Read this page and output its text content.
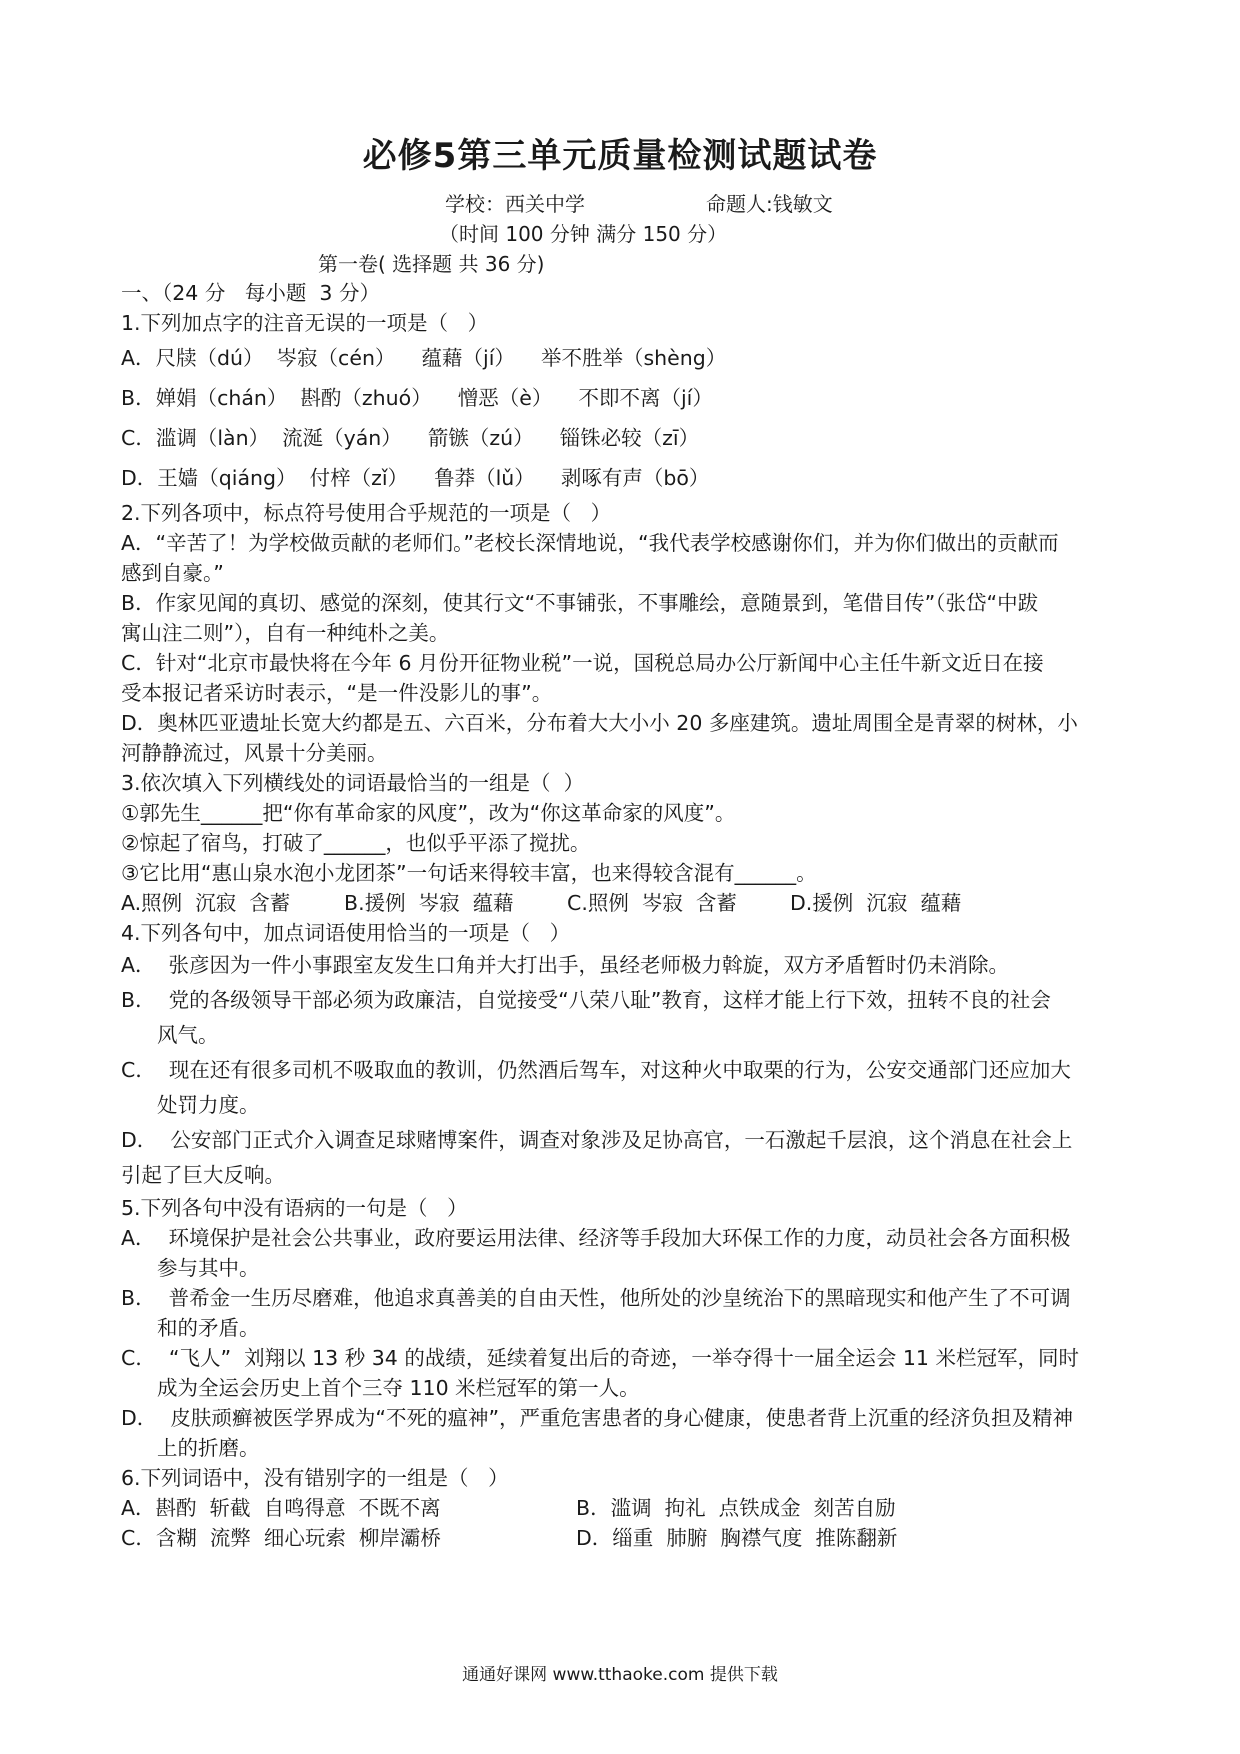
必修5第三单元质量检测试题试卷
学校：西关中学	命题人:钱敏文
（时间 100 分钟 满分 150 分）
第一卷( 选择题 共 36 分)
一、（24 分   每小题  3 分）
1.下列加点字的注音无误的一项是（   ）
A．尺牍（dú）  岑寂（cén）    蕴藉（jí）    举不胜举（shèng）
B．婵娟（chán）  斟酌（zhuó）    憎恶（è）    不即不离（jí）
C．滥调（làn）  流涎（yán）    箭镞（zú）    锱铢必较（zī）
D．王嫱（qiáng）  付梓（zǐ）    鲁莽（lǔ）    剥啄有声（bō）
2.下列各项中，标点符号使用合乎规范的一项是（   ）
A．“辛苦了！为学校做贡献的老师们。”老校长深情地说，“我代表学校感谢你们，并为你们做出的贡献而
感到自豪。”
B．作家见闻的真切、感觉的深刻，使其行文“不事铺张，不事雕绘，意随景到，笔借目传”（张岱“中跋
寓山注二则”），自有一种纯朴之美。
C．针对“北京市最快将在今年 6 月份开征物业税”一说，国税总局办公厅新闻中心主任牛新文近日在接
受本报记者采访时表示，“是一件没影儿的事”。
D．奥林匹亚遗址长宽大约都是五、六百米，分布着大大小小 20 多座建筑。遗址周围全是青翠的树林，小
河静静流过，风景十分美丽。
3.依次填入下列横线处的词语最恰当的一组是（  ）
①郭先生______把“你有革命家的风度”，改为“你这革命家的风度”。
②惊起了宿鸟，打破了______，也似乎平添了搅扰。
③它比用“惠山泉水泡小龙团茶”一句话来得较丰富，也来得较含混有______。
A.照例  沉寂  含蓄	B.援例  岑寂  蕴藉	C.照例  岑寂  含蓄	D.援例  沉寂  蕴藉
4.下列各句中，加点词语使用恰当的一项是（   ）
A．  张彦因为一件小事跟室友发生口角并大打出手，虽经老师极力斡旋，双方矛盾暂时仍未消除。
B．  党的各级领导干部必须为政廉洁，自觉接受“八荣八耻”教育，这样才能上行下效，扭转不良的社会
风气。
C．  现在还有很多司机不吸取血的教训，仍然酒后驾车，对这种火中取栗的行为，公安交通部门还应加大
处罚力度。
D．  公安部门正式介入调查足球赌博案件，调查对象涉及足协高官，一石激起千层浪，这个消息在社会上
引起了巨大反响。
5.下列各句中没有语病的一句是（   ）
A．  环境保护是社会公共事业，政府要运用法律、经济等手段加大环保工作的力度，动员社会各方面积极
参与其中。
B．  普希金一生历尽磨难，他追求真善美的自由天性，他所处的沙皇统治下的黑暗现实和他产生了不可调
和的矛盾。
C．  “飞人”  刘翔以 13 秒 34 的战绩，延续着复出后的奇迹，一举夺得十一届全运会 11 米栏冠军，同时
成为全运会历史上首个三夺 110 米栏冠军的第一人。
D．  皮肤顽癣被医学界成为“不死的瘟神”，严重危害患者的身心健康，使患者背上沉重的经济负担及精神
上的折磨。
6.下列词语中，没有错别字的一组是（   ）
A．斟酌  斩截  自鸣得意  不既不离	B．滥调  拘礼  点铁成金  刻苦自励
C．含糊  流弊  细心玩索  柳岸灞桥	D．缁重  肺腑  胸襟气度  推陈翻新
通通好课网 www.tthaoke.com 提供下载
